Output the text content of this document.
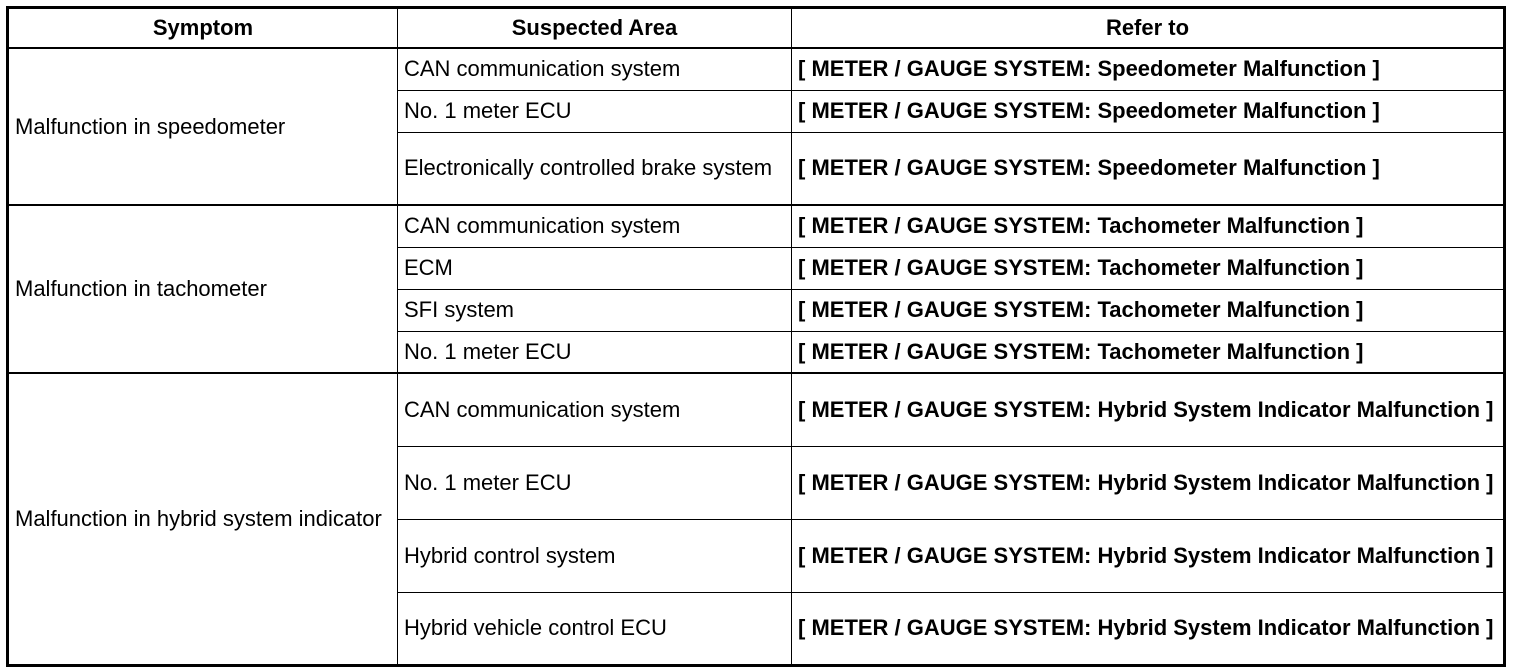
Symptom	Suspected Area	Refer to
Malfunction in speedometer	CAN communication system	[ METER / GAUGE SYSTEM: Speedometer Malfunction ]
	No. 1 meter ECU	[ METER / GAUGE SYSTEM: Speedometer Malfunction ]
	Electronically controlled brake system	[ METER / GAUGE SYSTEM: Speedometer Malfunction ]
Malfunction in tachometer	CAN communication system	[ METER / GAUGE SYSTEM: Tachometer Malfunction ]
	ECM	[ METER / GAUGE SYSTEM: Tachometer Malfunction ]
	SFI system	[ METER / GAUGE SYSTEM: Tachometer Malfunction ]
	No. 1 meter ECU	[ METER / GAUGE SYSTEM: Tachometer Malfunction ]
Malfunction in hybrid system indicator	CAN communication system	[ METER / GAUGE SYSTEM: Hybrid System Indicator Malfunction ]
	No. 1 meter ECU	[ METER / GAUGE SYSTEM: Hybrid System Indicator Malfunction ]
	Hybrid control system	[ METER / GAUGE SYSTEM: Hybrid System Indicator Malfunction ]
	Hybrid vehicle control ECU	[ METER / GAUGE SYSTEM: Hybrid System Indicator Malfunction ]
